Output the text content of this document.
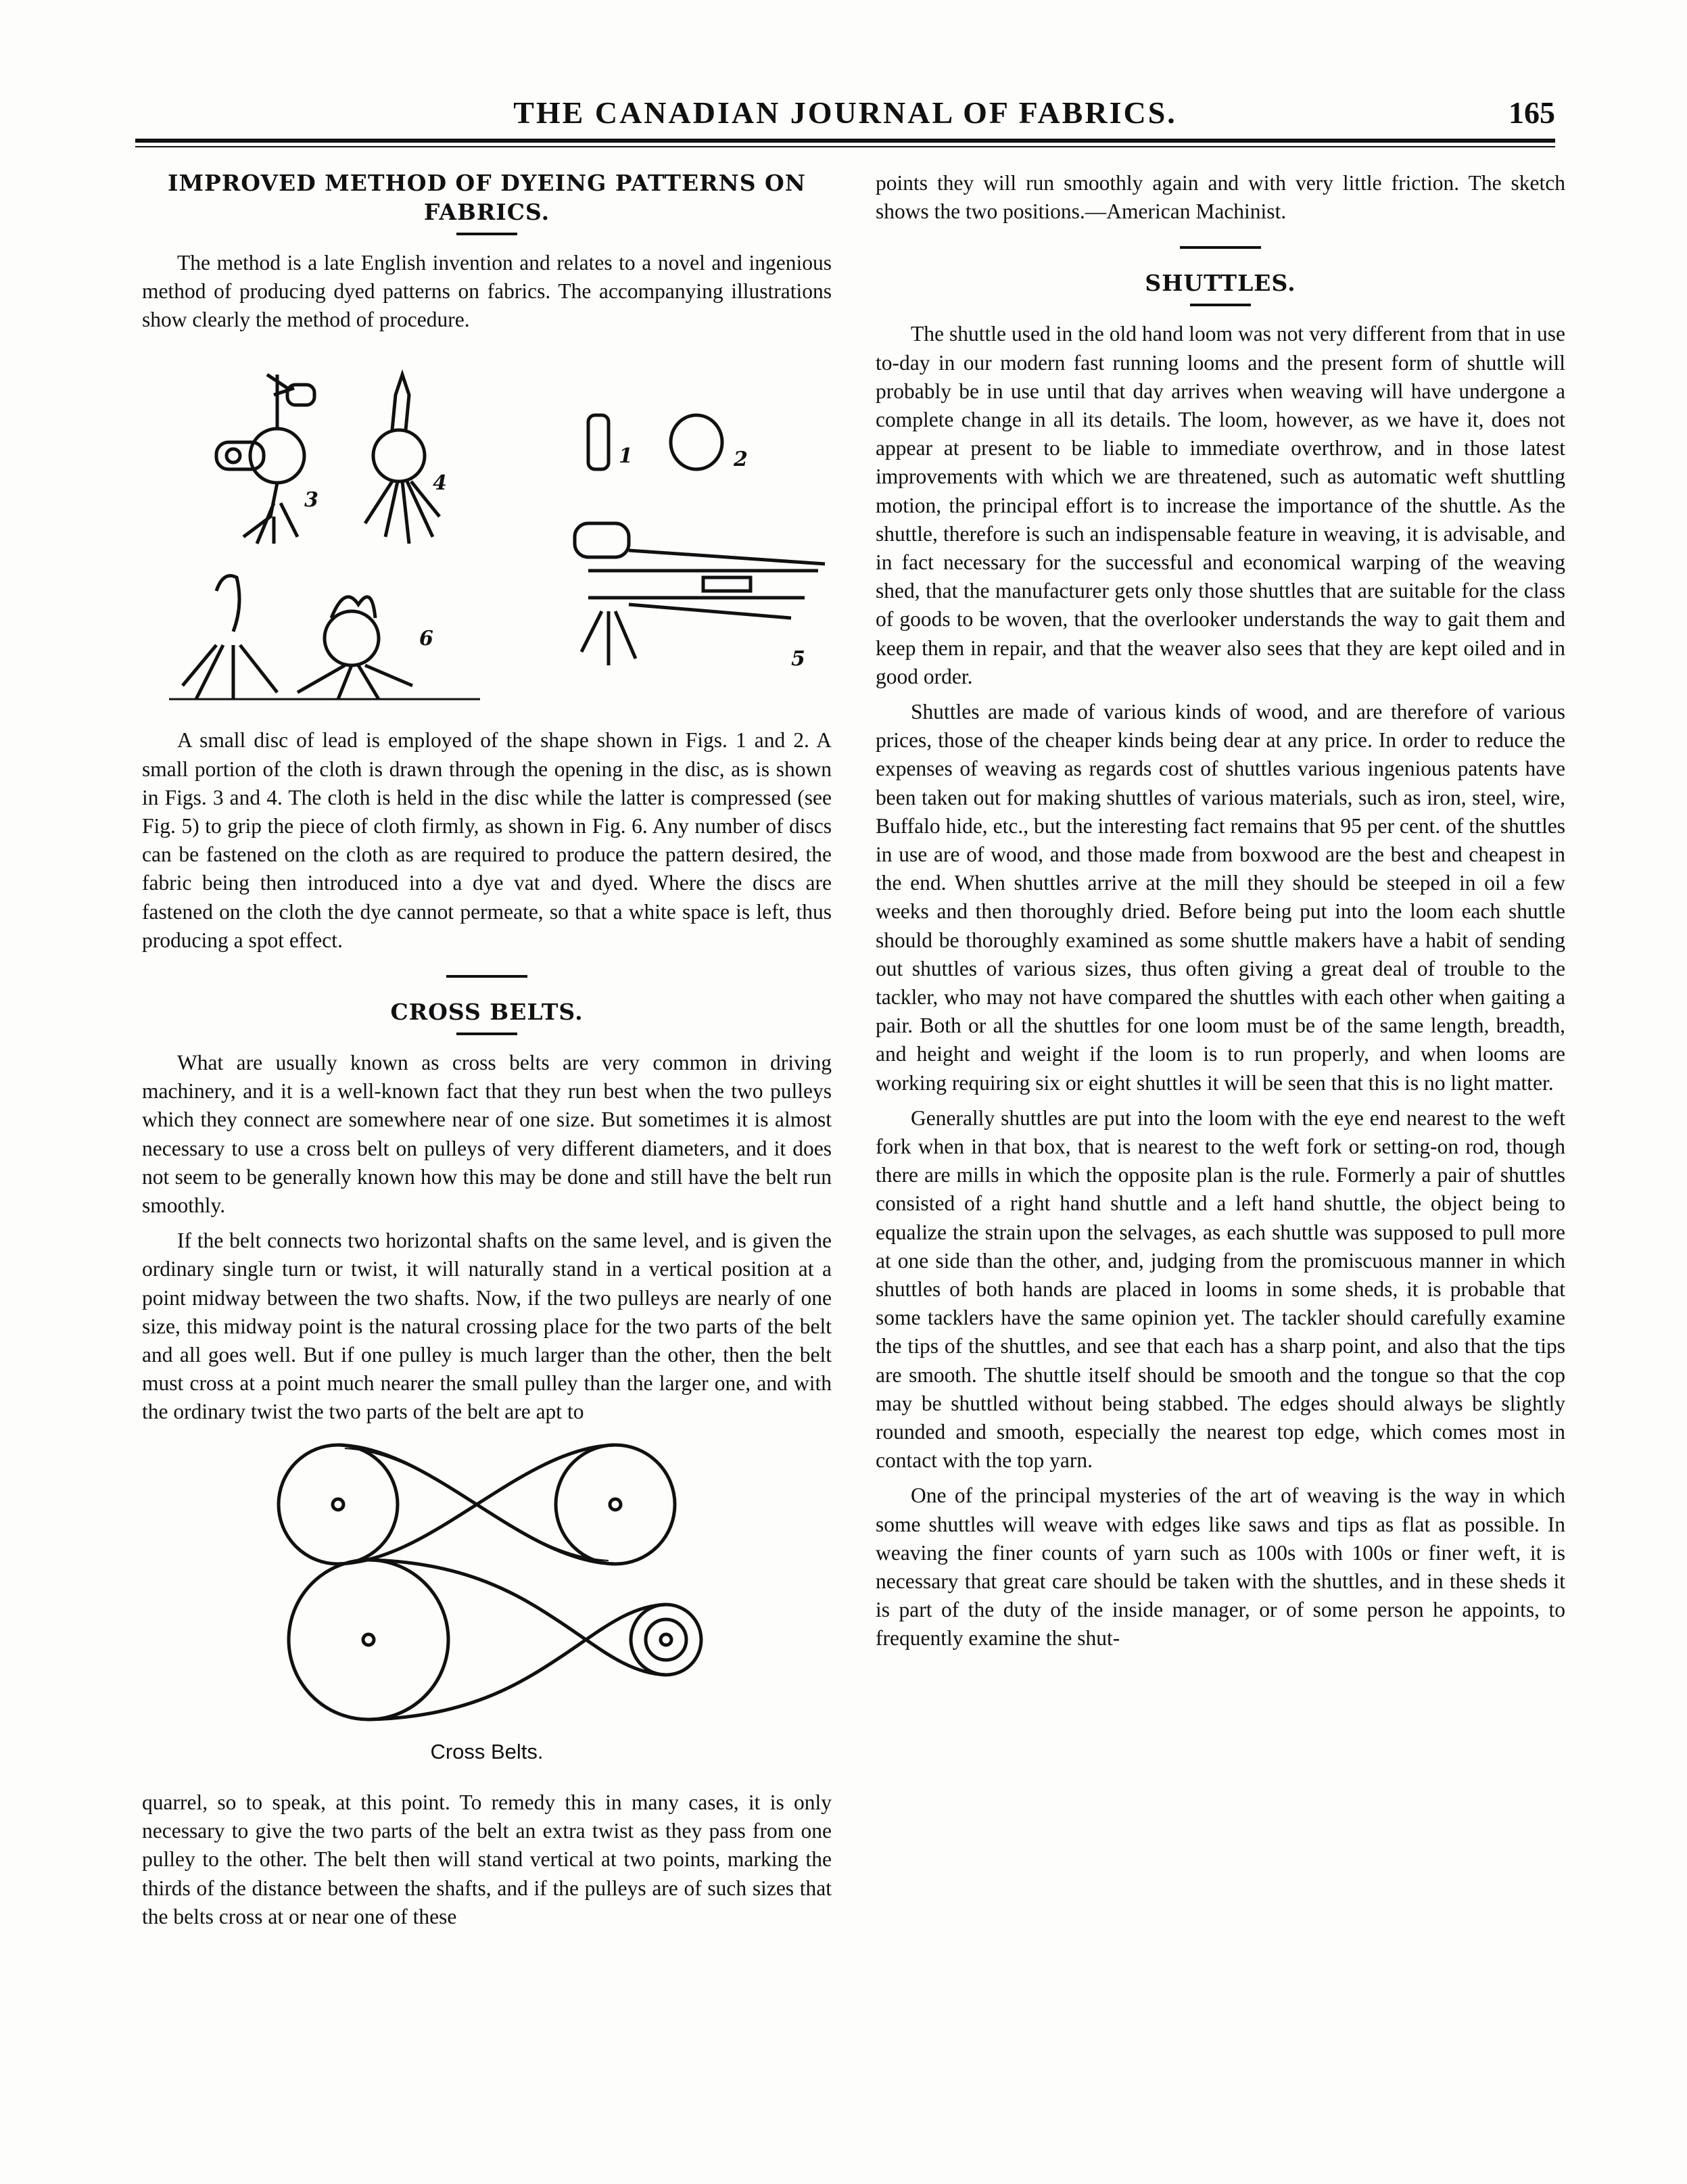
THE CANADIAN JOURNAL OF FABRICS.	165
IMPROVED METHOD OF DYEING PATTERNS ON FABRICS.

The method is a late English invention and relates to a novel and ingenious method of producing dyed patterns on fabrics. The accompanying illustrations show clearly the method of procedure.

1	2
3
4
5
6

A small disc of lead is employed of the shape shown in Figs. 1 and 2. A small portion of the cloth is drawn through the opening in the disc, as is shown in Figs. 3 and 4. The cloth is held in the disc while the latter is compressed (see Fig. 5) to grip the piece of cloth firmly, as shown in Fig. 6. Any number of discs can be fastened on the cloth as are required to produce the pattern desired, the fabric being then introduced into a dye vat and dyed. Where the discs are fastened on the cloth the dye cannot permeate, so that a white space is left, thus producing a spot effect.

CROSS BELTS.

What are usually known as cross belts are very common in driving machinery, and it is a well-known fact that they run best when the two pulleys which they connect are somewhere near of one size. But sometimes it is almost necessary to use a cross belt on pulleys of very different diameters, and it does not seem to be generally known how this may be done and still have the belt run smoothly.

If the belt connects two horizontal shafts on the same level, and is given the ordinary single turn or twist, it will naturally stand in a vertical position at a point midway between the two shafts. Now, if the two pulleys are nearly of one size, this midway point is the natural crossing place for the two parts of the belt and all goes well. But if one pulley is much larger than the other, then the belt must cross at a point much nearer the small pulley than the larger one, and with the ordinary twist the two parts of the belt are apt to

Cross Belts.

quarrel, so to speak, at this point. To remedy this in many cases, it is only necessary to give the two parts of the belt an extra twist as they pass from one pulley to the other. The belt then will stand vertical at two points, marking the thirds of the distance between the shafts, and if the pulleys are of such sizes that the belts cross at or near one of these

points they will run smoothly again and with very little friction. The sketch shows the two positions.—American Machinist.

SHUTTLES.

The shuttle used in the old hand loom was not very different from that in use to-day in our modern fast running looms and the present form of shuttle will probably be in use until that day arrives when weaving will have undergone a complete change in all its details. The loom, however, as we have it, does not appear at present to be liable to immediate overthrow, and in those latest improvements with which we are threatened, such as automatic weft shuttling motion, the principal effort is to increase the importance of the shuttle. As the shuttle, therefore is such an indispensable feature in weaving, it is advisable, and in fact necessary for the successful and economical warping of the weaving shed, that the manufacturer gets only those shuttles that are suitable for the class of goods to be woven, that the overlooker understands the way to gait them and keep them in repair, and that the weaver also sees that they are kept oiled and in good order.

Shuttles are made of various kinds of wood, and are therefore of various prices, those of the cheaper kinds being dear at any price. In order to reduce the expenses of weaving as regards cost of shuttles various ingenious patents have been taken out for making shuttles of various materials, such as iron, steel, wire, Buffalo hide, etc., but the interesting fact remains that 95 per cent. of the shuttles in use are of wood, and those made from boxwood are the best and cheapest in the end. When shuttles arrive at the mill they should be steeped in oil a few weeks and then thoroughly dried. Before being put into the loom each shuttle should be thoroughly examined as some shuttle makers have a habit of sending out shuttles of various sizes, thus often giving a great deal of trouble to the tackler, who may not have compared the shuttles with each other when gaiting a pair. Both or all the shuttles for one loom must be of the same length, breadth, and height and weight if the loom is to run properly, and when looms are working requiring six or eight shuttles it will be seen that this is no light matter.

Generally shuttles are put into the loom with the eye end nearest to the weft fork when in that box, that is nearest to the weft fork or setting-on rod, though there are mills in which the opposite plan is the rule. Formerly a pair of shuttles consisted of a right hand shuttle and a left hand shuttle, the object being to equalize the strain upon the selvages, as each shuttle was supposed to pull more at one side than the other, and, judging from the promiscuous manner in which shuttles of both hands are placed in looms in some sheds, it is probable that some tacklers have the same opinion yet. The tackler should carefully examine the tips of the shuttles, and see that each has a sharp point, and also that the tips are smooth. The shuttle itself should be smooth and the tongue so that the cop may be shuttled without being stabbed. The edges should always be slightly rounded and smooth, especially the nearest top edge, which comes most in contact with the top yarn.

One of the principal mysteries of the art of weaving is the way in which some shuttles will weave with edges like saws and tips as flat as possible. In weaving the finer counts of yarn such as 100s with 100s or finer weft, it is necessary that great care should be taken with the shuttles, and in these sheds it is part of the duty of the inside manager, or of some person he appoints, to frequently examine the shut-
